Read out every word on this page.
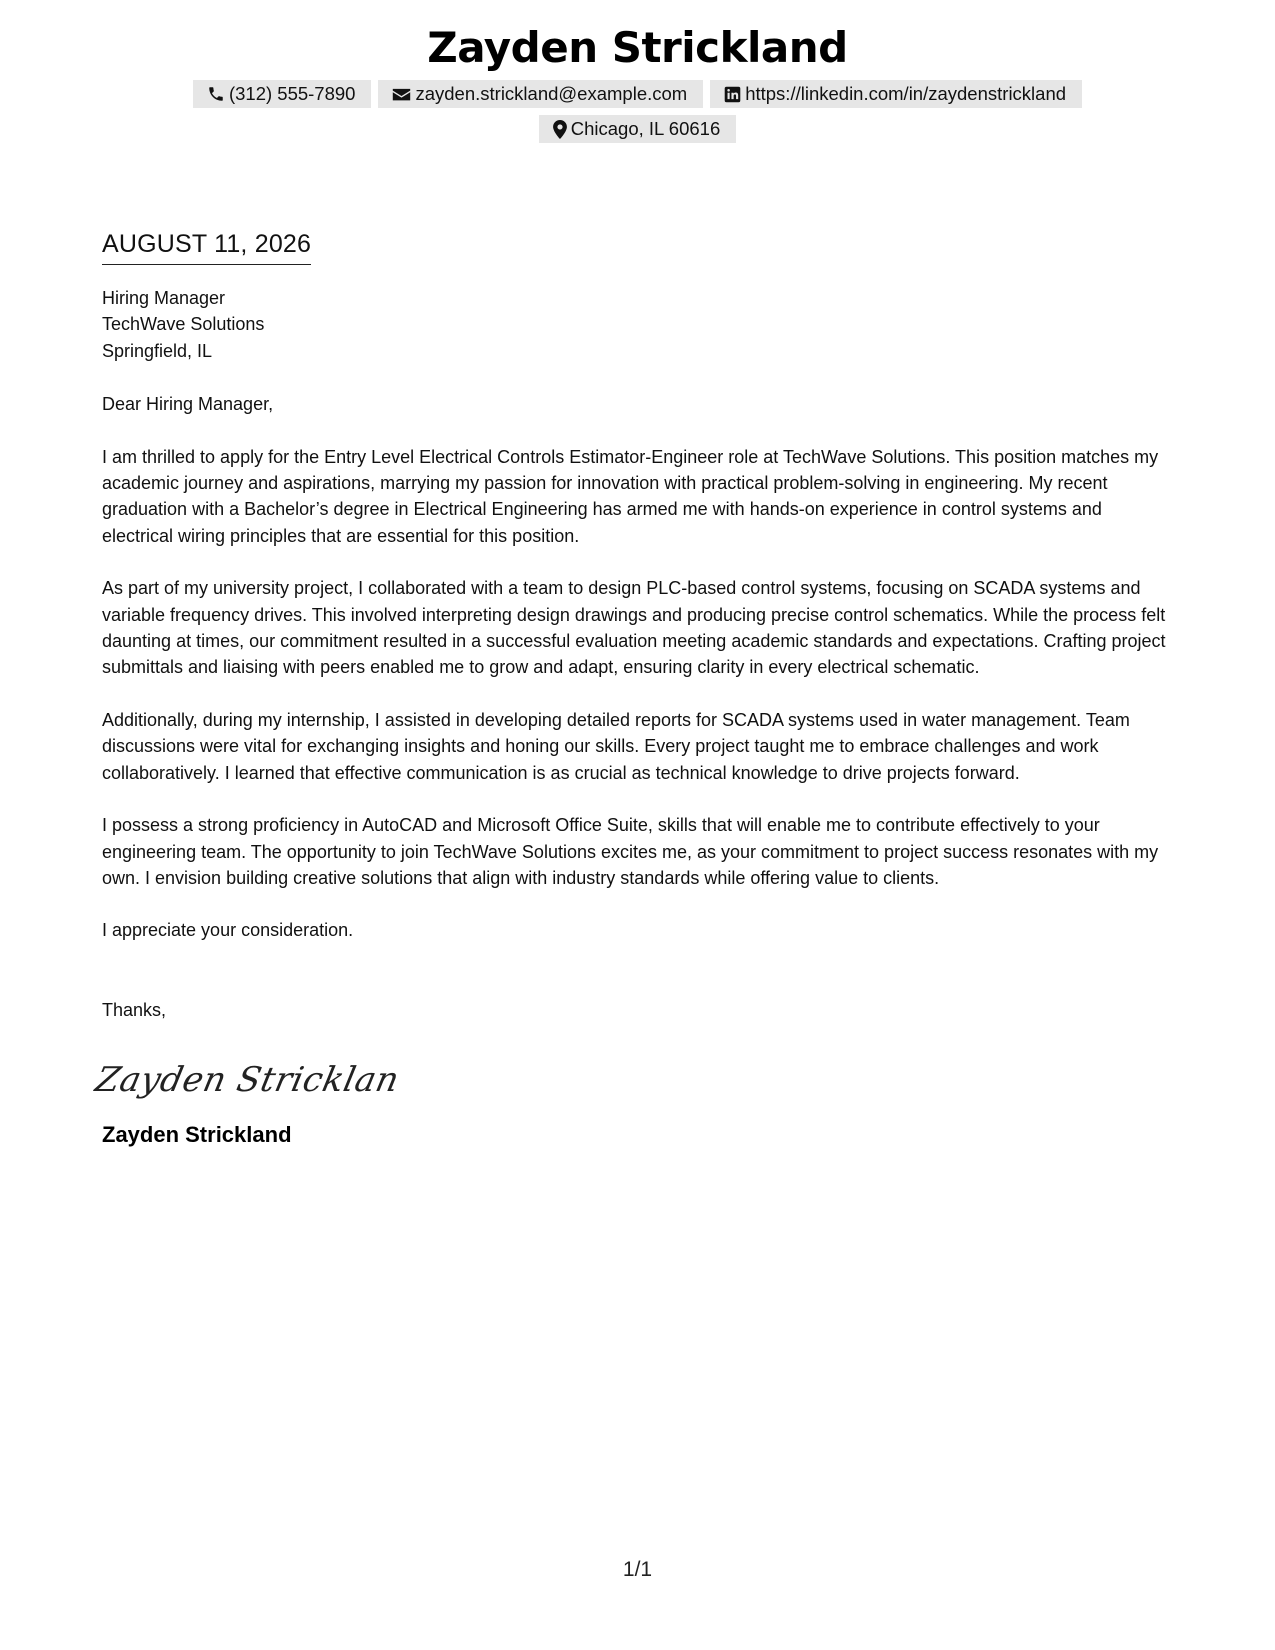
Zayden Strickland
(312) 555-7890	zayden.strickland@example.com	https://linkedin.com/in/zaydenstrickland
Chicago, IL 60616
AUGUST 11, 2026
Hiring Manager
TechWave Solutions
Springfield, IL
Dear Hiring Manager,

I am thrilled to apply for the Entry Level Electrical Controls Estimator-Engineer role at TechWave Solutions. This position matches my academic journey and aspirations, marrying my passion for innovation with practical problem-solving in engineering. My recent graduation with a Bachelor’s degree in Electrical Engineering has armed me with hands-on experience in control systems and electrical wiring principles that are essential for this position.

As part of my university project, I collaborated with a team to design PLC-based control systems, focusing on SCADA systems and variable frequency drives. This involved interpreting design drawings and producing precise control schematics. While the process felt daunting at times, our commitment resulted in a successful evaluation meeting academic standards and expectations. Crafting project submittals and liaising with peers enabled me to grow and adapt, ensuring clarity in every electrical schematic.

Additionally, during my internship, I assisted in developing detailed reports for SCADA systems used in water management. Team discussions were vital for exchanging insights and honing our skills. Every project taught me to embrace challenges and work collaboratively. I learned that effective communication is as crucial as technical knowledge to drive projects forward.

I possess a strong proficiency in AutoCAD and Microsoft Office Suite, skills that will enable me to contribute effectively to your engineering team. The opportunity to join TechWave Solutions excites me, as your commitment to project success resonates with my own. I envision building creative solutions that align with industry standards while offering value to clients.

I appreciate your consideration.
Thanks,
Zayden Stricklan
Zayden Strickland
1/1
